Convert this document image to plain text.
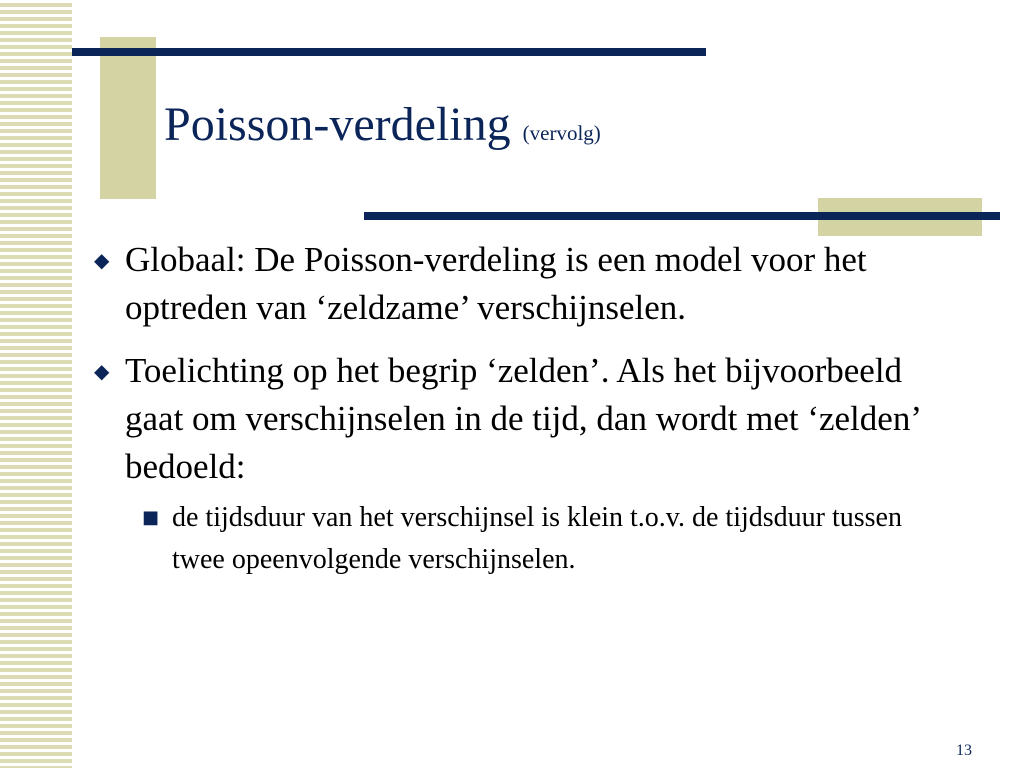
Poisson-verdeling (vervolg)
◆ Globaal: De Poisson-verdeling is een model voor het optreden van ‘zeldzame’ verschijnselen.
◆ Toelichting op het begrip ‘zelden’. Als het bijvoorbeeld gaat om verschijnselen in de tijd, dan wordt met ‘zelden’ bedoeld:
■ de tijdsduur van het verschijnsel is klein t.o.v. de tijdsduur tussen twee opeenvolgende verschijnselen.
13
